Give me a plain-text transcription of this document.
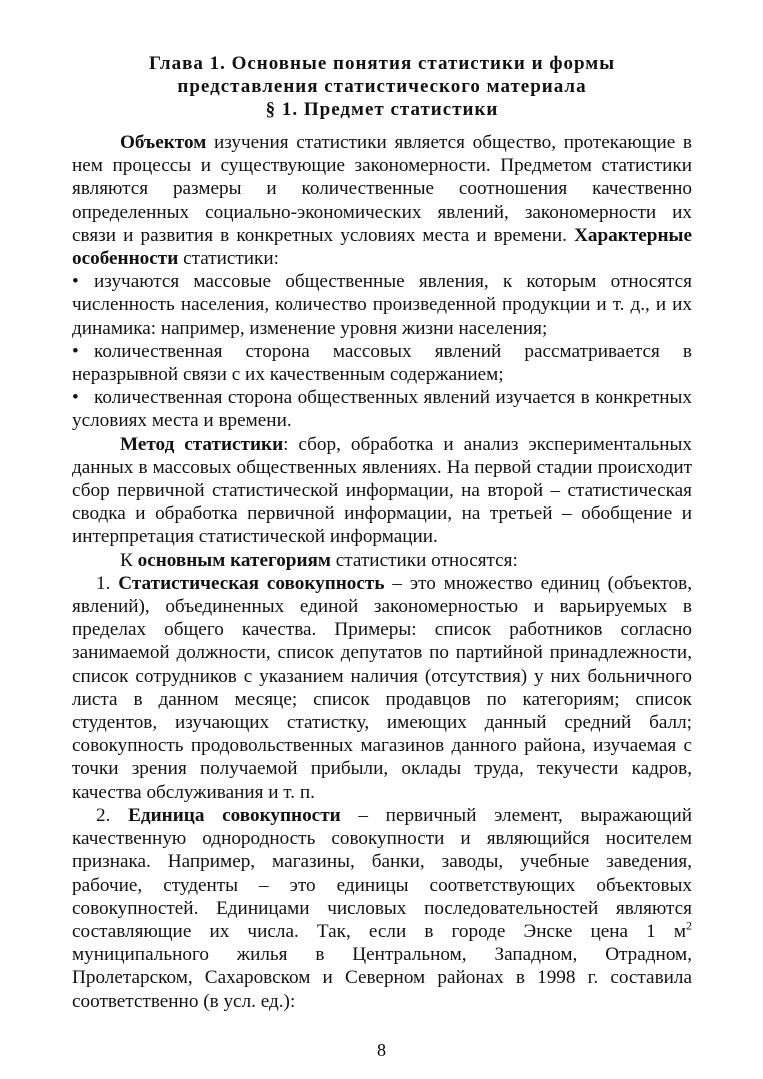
Глава 1. Основные понятия статистики и формы
представления статистического материала
§ 1. Предмет статистики

Объектом изучения статистики является общество, протекающие в нем процессы и существующие закономерности. Предметом статистики являются размеры и количественные соотношения качественно определенных социально-экономических явлений, закономерности их связи и развития в конкретных условиях места и времени. Характерные особенности статистики:

• изучаются массовые общественные явления, к которым относятся численность населения, количество произведенной продукции и т. д., и их динамика: например, изменение уровня жизни населения;

• количественная сторона массовых явлений рассматривается в неразрывной связи с их качественным содержанием;

• количественная сторона общественных явлений изучается в конкретных условиях места и времени.

Метод статистики: сбор, обработка и анализ экспериментальных данных в массовых общественных явлениях. На первой стадии происходит сбор первичной статистической информации, на второй – статистическая сводка и обработка первичной информации, на третьей – обобщение и интерпретация статистической информации.

К основным категориям статистики относятся:

1. Статистическая совокупность – это множество единиц (объектов, явлений), объединенных единой закономерностью и варьируемых в пределах общего качества. Примеры: список работников согласно занимаемой должности, список депутатов по партийной принадлежности, список сотрудников с указанием наличия (отсутствия) у них больничного листа в данном месяце; список продавцов по категориям; список студентов, изучающих статистку, имеющих данный средний балл; совокупность продовольственных магазинов данного района, изучаемая с точки зрения получаемой прибыли, оклады труда, текучести кадров, качества обслуживания и т. п.

2. Единица совокупности – первичный элемент, выражающий качественную однородность совокупности и являющийся носителем признака. Например, магазины, банки, заводы, учебные заведения, рабочие, студенты – это единицы соответствующих объектовых совокупностей. Единицами числовых последовательностей являются составляющие их числа. Так, если в городе Энске цена 1 $м^2$ муниципального жилья в Центральном, Западном, Отрадном, Пролетарском, Сахаровском и Северном районах в 1998 г. составила соответственно (в усл. ед.):

8
